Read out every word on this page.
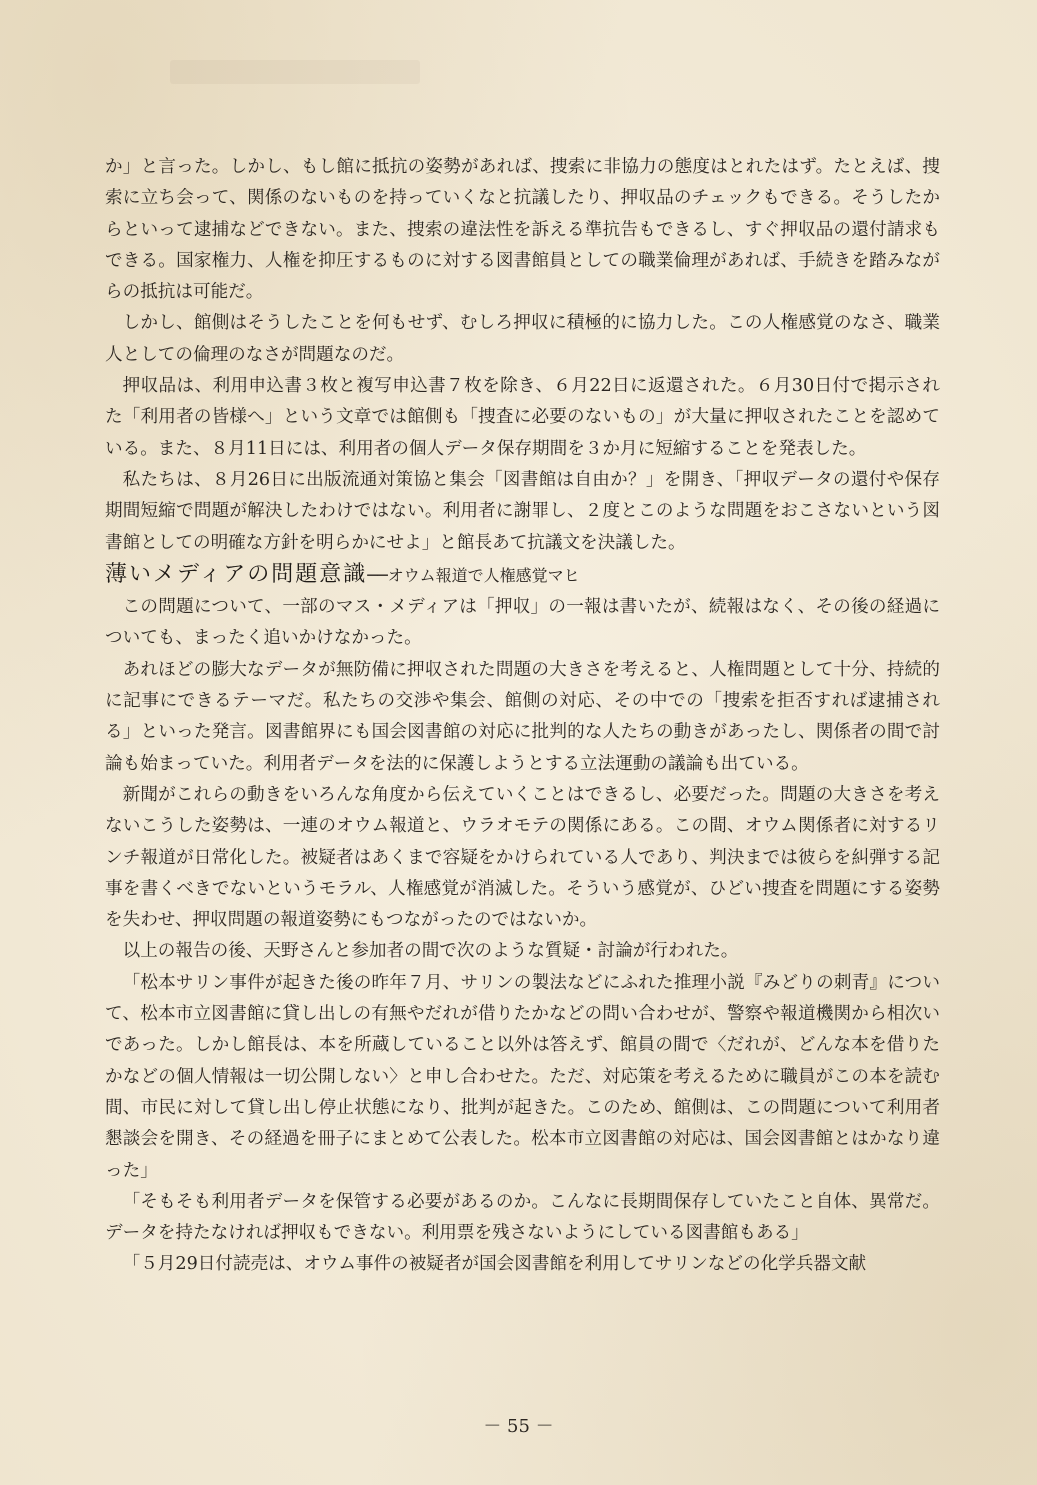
か」と言った。しかし、もし館に抵抗の姿勢があれば、捜索に非協力の態度はとれたはず。たとえば、捜索に立ち会って、関係のないものを持っていくなと抗議したり、押収品のチェックもできる。そうしたからといって逮捕などできない。また、捜索の違法性を訴える準抗告もできるし、すぐ押収品の還付請求もできる。国家権力、人権を抑圧するものに対する図書館員としての職業倫理があれば、手続きを踏みながらの抵抗は可能だ。

しかし、館側はそうしたことを何もせず、むしろ押収に積極的に協力した。この人権感覚のなさ、職業人としての倫理のなさが問題なのだ。

押収品は、利用申込書３枚と複写申込書７枚を除き、６月22日に返還された。６月30日付で掲示された「利用者の皆様へ」という文章では館側も「捜査に必要のないもの」が大量に押収されたことを認めている。また、８月11日には、利用者の個人データ保存期間を３か月に短縮することを発表した。

私たちは、８月26日に出版流通対策協と集会「図書館は自由か？」を開き、「押収データの還付や保存期間短縮で問題が解決したわけではない。利用者に謝罪し、２度とこのような問題をおこさないという図書館としての明確な方針を明らかにせよ」と館長あて抗議文を決議した。

薄いメディアの問題意識──オウム報道で人権感覚マヒ

この問題について、一部のマス・メディアは「押収」の一報は書いたが、続報はなく、その後の経過についても、まったく追いかけなかった。

あれほどの膨大なデータが無防備に押収された問題の大きさを考えると、人権問題として十分、持続的に記事にできるテーマだ。私たちの交渉や集会、館側の対応、その中での「捜索を拒否すれば逮捕される」といった発言。図書館界にも国会図書館の対応に批判的な人たちの動きがあったし、関係者の間で討論も始まっていた。利用者データを法的に保護しようとする立法運動の議論も出ている。

新聞がこれらの動きをいろんな角度から伝えていくことはできるし、必要だった。問題の大きさを考えないこうした姿勢は、一連のオウム報道と、ウラオモテの関係にある。この間、オウム関係者に対するリンチ報道が日常化した。被疑者はあくまで容疑をかけられている人であり、判決までは彼らを糾弾する記事を書くべきでないというモラル、人権感覚が消滅した。そういう感覚が、ひどい捜査を問題にする姿勢を失わせ、押収問題の報道姿勢にもつながったのではないか。

以上の報告の後、天野さんと参加者の間で次のような質疑・討論が行われた。

「松本サリン事件が起きた後の昨年７月、サリンの製法などにふれた推理小説『みどりの刺青』について、松本市立図書館に貸し出しの有無やだれが借りたかなどの問い合わせが、警察や報道機関から相次いであった。しかし館長は、本を所蔵していること以外は答えず、館員の間で〈だれが、どんな本を借りたかなどの個人情報は一切公開しない〉と申し合わせた。ただ、対応策を考えるために職員がこの本を読む間、市民に対して貸し出し停止状態になり、批判が起きた。このため、館側は、この問題について利用者懇談会を開き、その経過を冊子にまとめて公表した。松本市立図書館の対応は、国会図書館とはかなり違った」

「そもそも利用者データを保管する必要があるのか。こんなに長期間保存していたこと自体、異常だ。データを持たなければ押収もできない。利用票を残さないようにしている図書館もある」

「５月29日付読売は、オウム事件の被疑者が国会図書館を利用してサリンなどの化学兵器文献

－ 55 －
